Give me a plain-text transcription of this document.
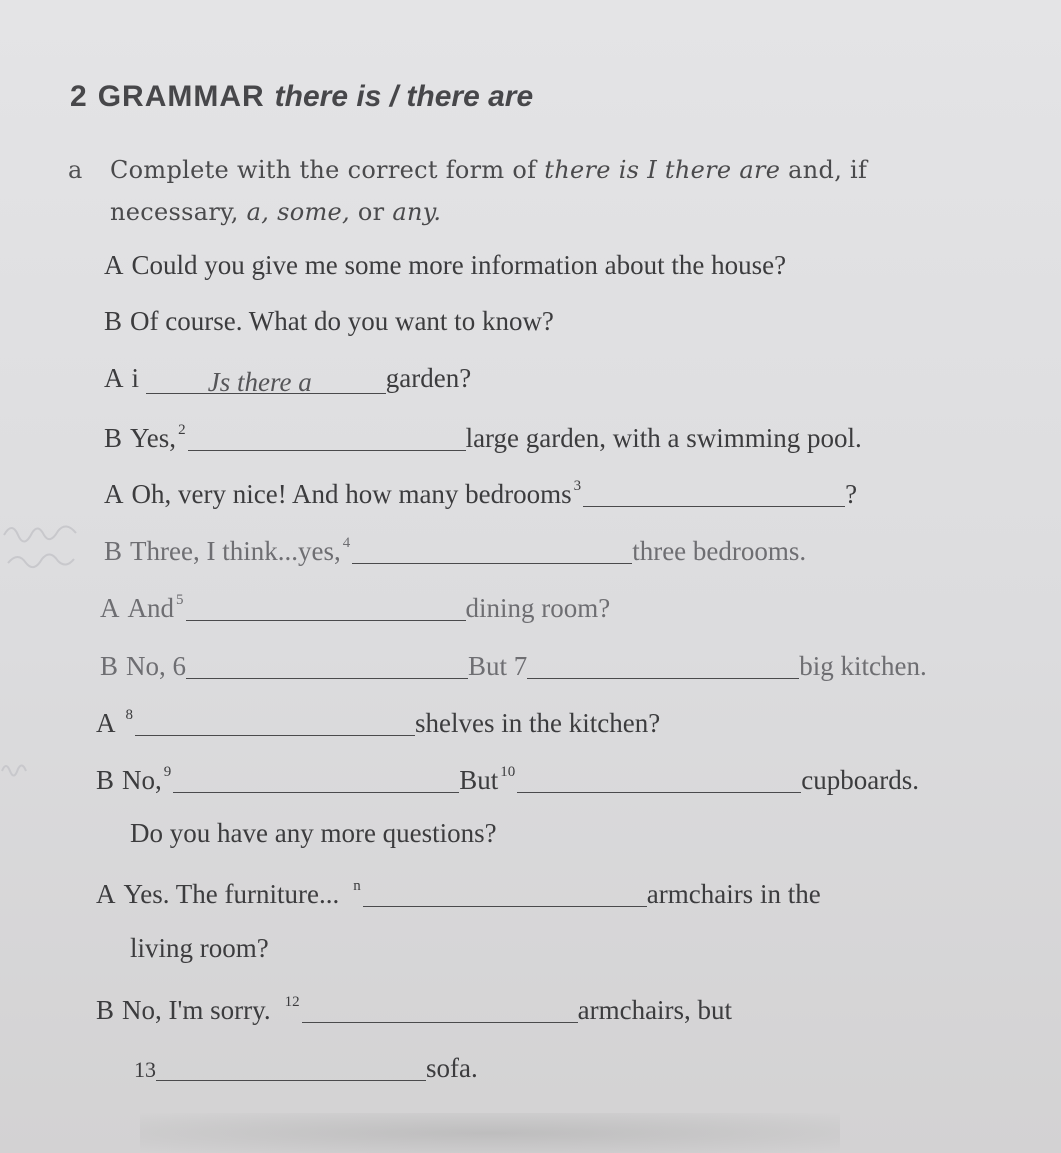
2 GRAMMAR there is / there are
a Complete with the correct form of there is I there are and, if
necessary, a, some, or any.
A Could you give me some more information about the house?
B Of course. What do you want to know?
A i	Js there a	garden?
B Yes, $^2$	large garden, with a swimming pool.
A Oh, very nice! And how many bedrooms $^3$	?
B Three, I think...yes, $^4$	three bedrooms.
A And $^5$	dining room?
B No, 6	But 7	big kitchen.
A $^8$	shelves in the kitchen?
B No, $^9$	But $^{10}$	cupboards.
Do you have any more questions?
A Yes. The furniture... $^n$	armchairs in the
living room?
B No, I'm sorry. $^{12}$	armchairs, but
13	sofa.
